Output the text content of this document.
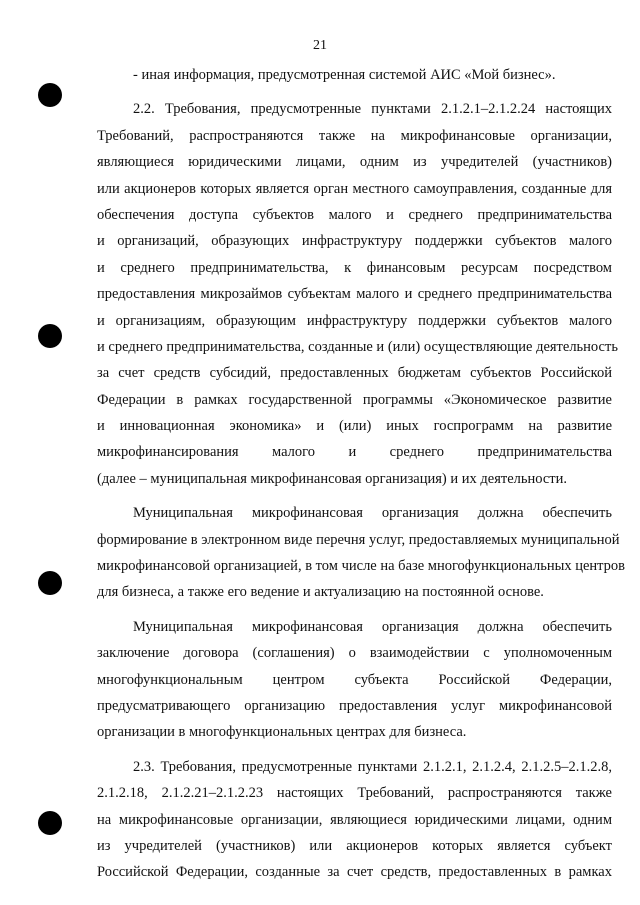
21
- иная информация, предусмотренная системой АИС «Мой бизнес».
2.2. Требования, предусмотренные пунктами 2.1.2.1–2.1.2.24 настоящих
Требований, распространяются также на микрофинансовые организации,
являющиеся юридическими лицами, одним из учредителей (участников)
или акционеров которых является орган местного самоуправления, созданные для
обеспечения доступа субъектов малого и среднего предпринимательства
и организаций, образующих инфраструктуру поддержки субъектов малого
и среднего предпринимательства, к финансовым ресурсам посредством
предоставления микрозаймов субъектам малого и среднего предпринимательства
и организациям, образующим инфраструктуру поддержки субъектов малого
и среднего предпринимательства, созданные и (или) осуществляющие деятельность
за счет средств субсидий, предоставленных бюджетам субъектов Российской
Федерации в рамках государственной программы «Экономическое развитие
и инновационная экономика» и (или) иных госпрограмм на развитие
микрофинансирования малого и среднего предпринимательства
(далее – муниципальная микрофинансовая организация) и их деятельности.
Муниципальная микрофинансовая организация должна обеспечить
формирование в электронном виде перечня услуг, предоставляемых муниципальной
микрофинансовой организацией, в том числе на базе многофункциональных центров
для бизнеса, а также его ведение и актуализацию на постоянной основе.
Муниципальная микрофинансовая организация должна обеспечить
заключение договора (соглашения) о взаимодействии с уполномоченным
многофункциональным центром субъекта Российской Федерации,
предусматривающего организацию предоставления услуг микрофинансовой
организации в многофункциональных центрах для бизнеса.
2.3. Требования, предусмотренные пунктами 2.1.2.1, 2.1.2.4, 2.1.2.5–2.1.2.8,
2.1.2.18, 2.1.2.21–2.1.2.23 настоящих Требований, распространяются также
на микрофинансовые организации, являющиеся юридическими лицами, одним
из учредителей (участников) или акционеров которых является субъект
Российской Федерации, созданные за счет средств, предоставленных в рамках
